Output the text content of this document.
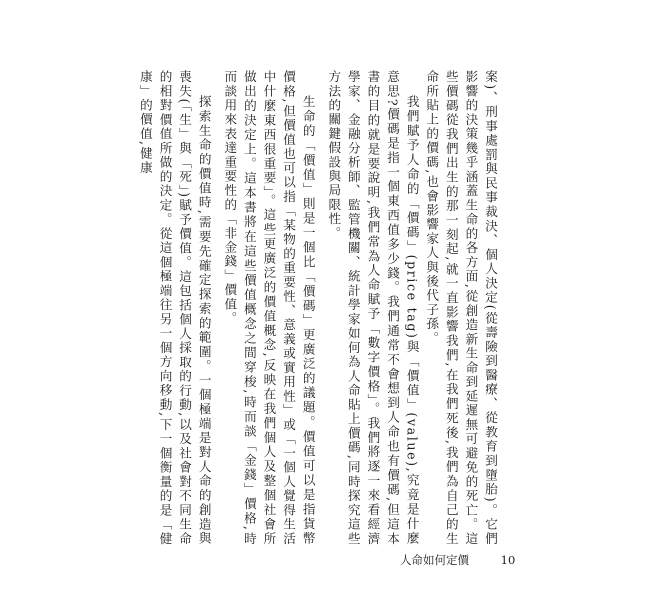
案)、刑事處罰與民事裁決、個人決定(從壽險到醫療、從教育到墮胎)。它們影響的決策幾乎涵蓋生命的各方面,從創造新生命到延遲無可避免的死亡。這些價碼從我們出生的那一刻起,就一直影響我們,在我們死後,我們為自己的生命所貼上的價碼,也會影響家人與後代子孫。

我們賦予人命的「價碼」(price tag)與「價值」(value),究竟是什麼意思?價碼是指一個東西值多少錢。我們通常不會想到人命也有價碼,但這本書的目的就是要說明,我們常為人命賦予「數字價格」。我們將逐一來看經濟學家、金融分析師、監管機關、統計學家如何為人命貼上價碼,同時探究這些方法的關鍵假設與局限性。

生命的「價值」則是一個比「價碼」更廣泛的議題。價值可以是指貨幣價格,但價值也可以指「某物的重要性、意義或實用性」或「一個人覺得生活中什麼東西很重要」。這些更廣泛的價值概念,反映在我們個人及整個社會所做出的決定上。這本書將在這些價值概念之間穿梭,時而談「金錢」價格,時而談用來表達重要性的「非金錢」價值。

探索生命的價值時,需要先確定探索的範圍。一個極端是對人命的創造與喪失(「生」與「死」)賦予價值。這包括個人採取的行動,以及社會對不同生命的相對價值所做的決定。從這個極端往另一個方向移動,下一個衡量的是「健康」的價值,健康

人命如何定價	10
